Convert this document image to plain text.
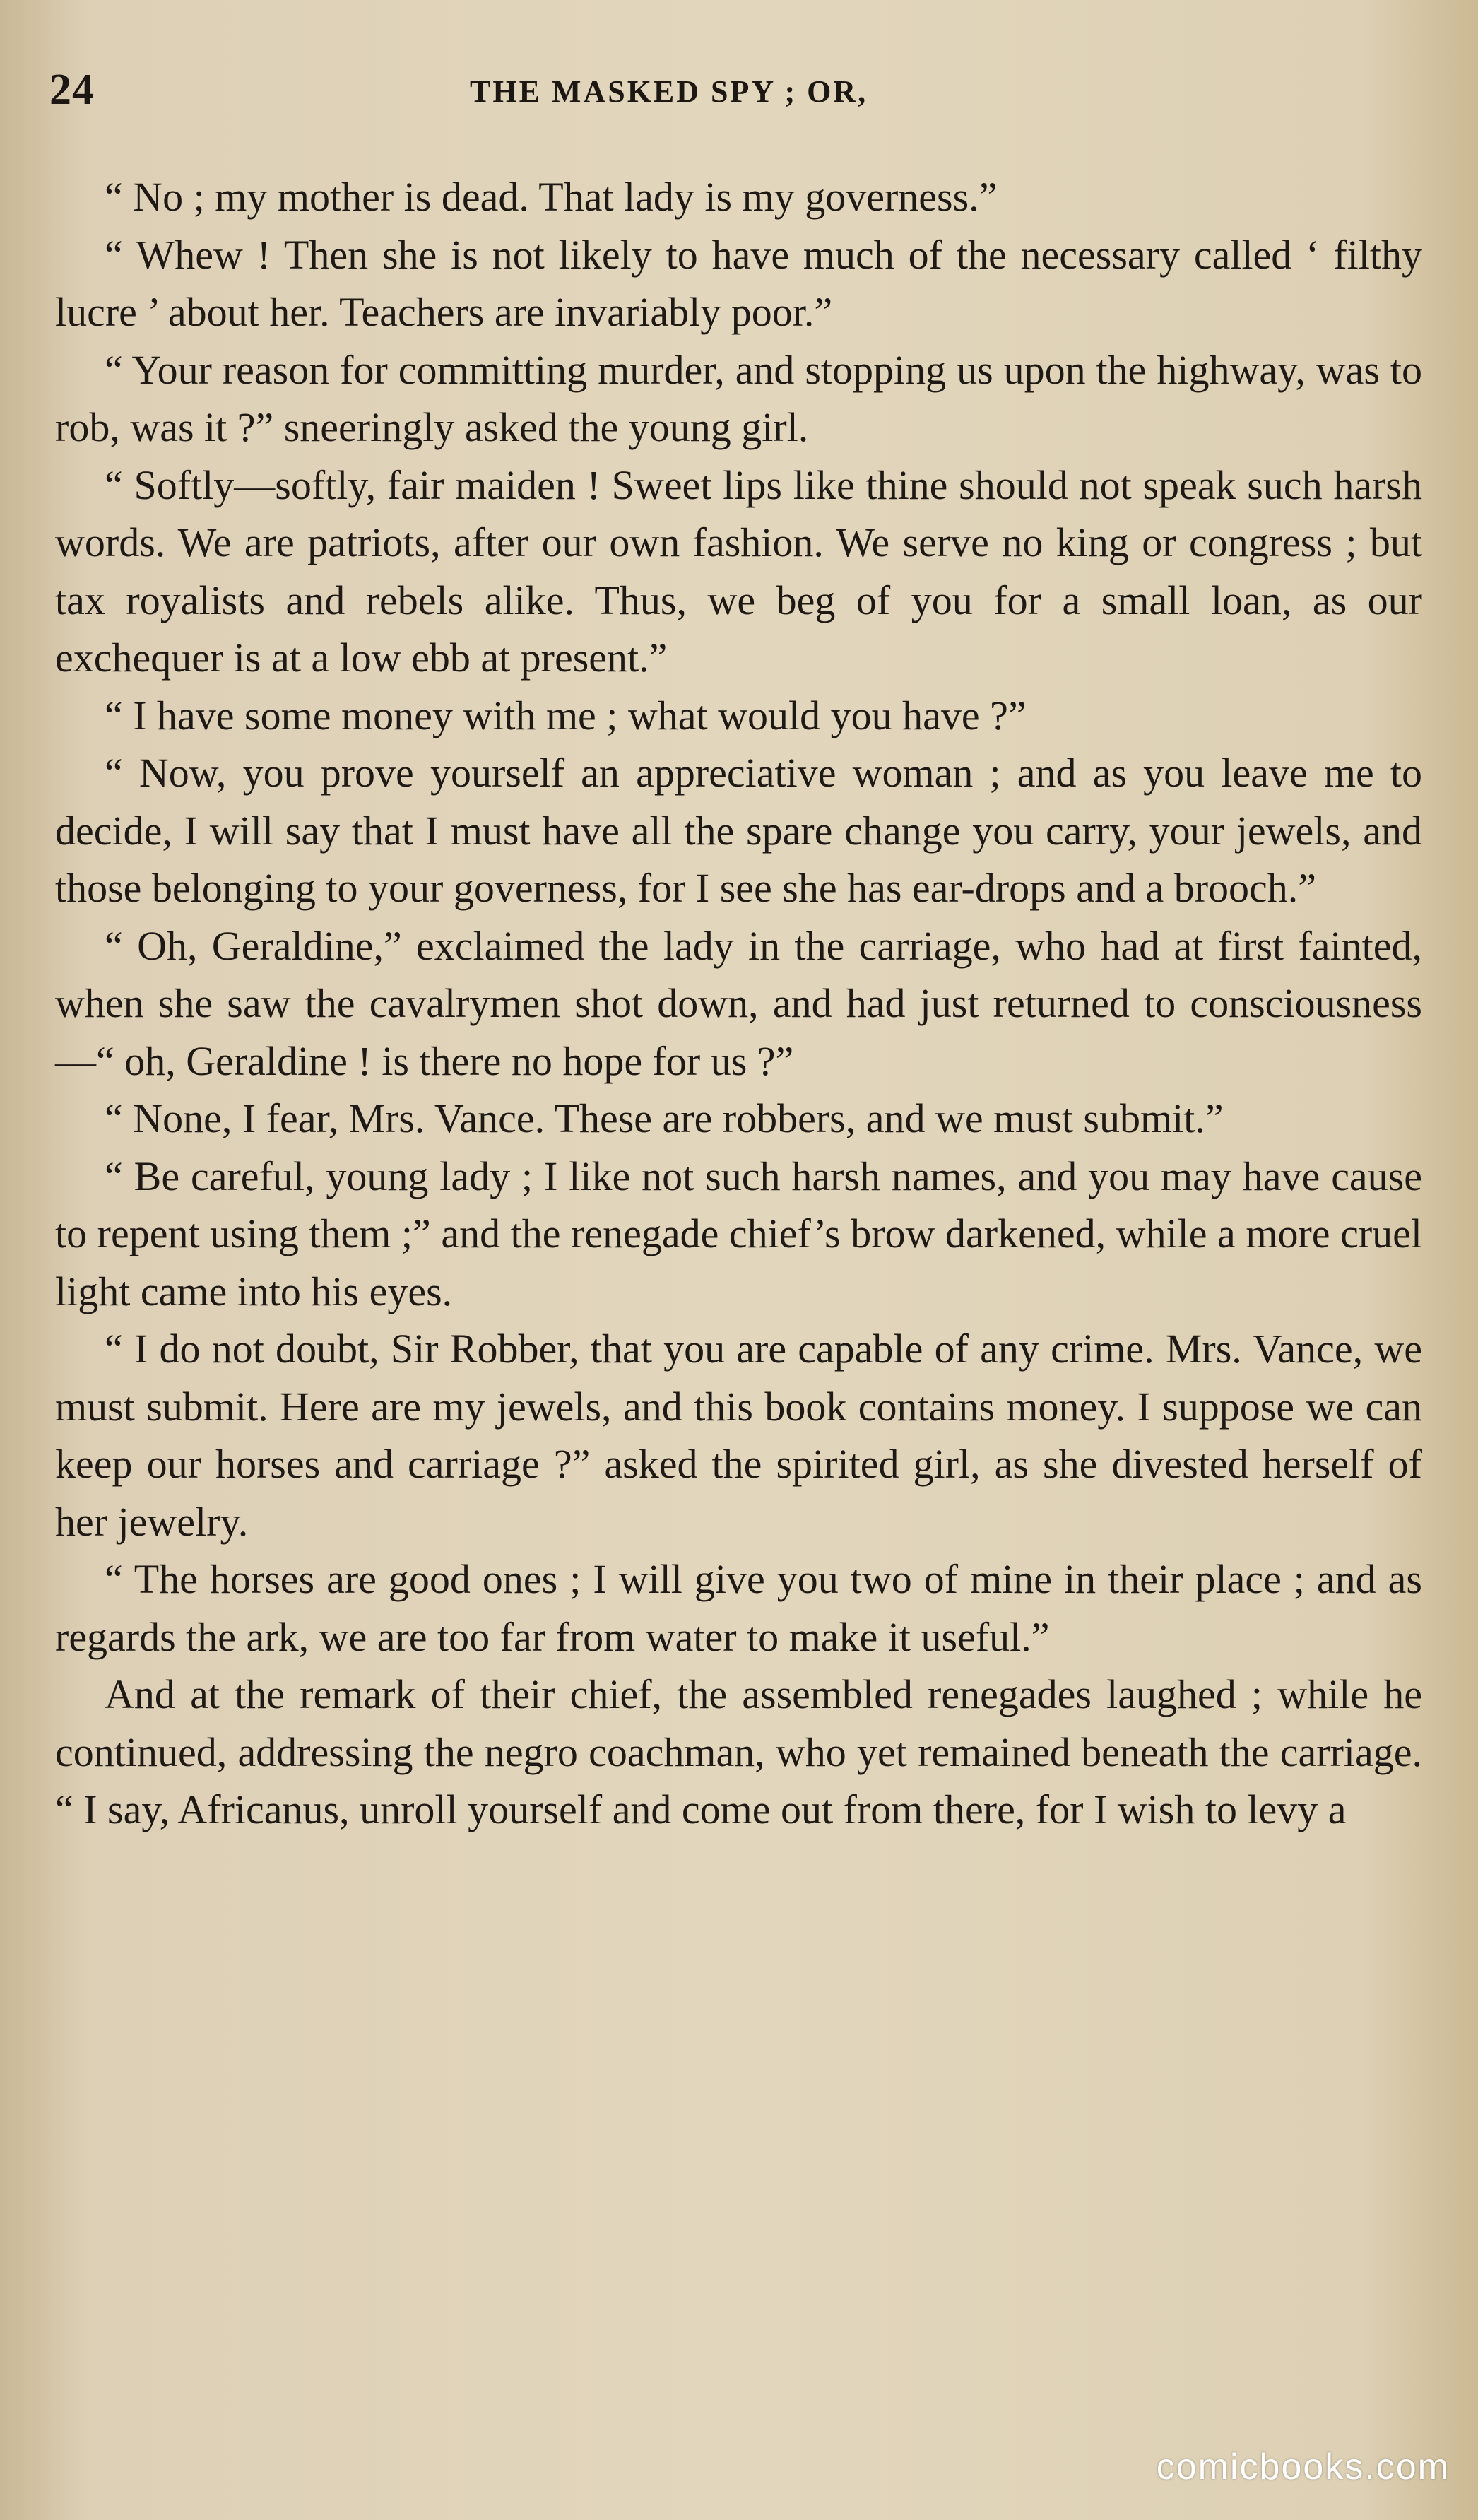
24	THE MASKED SPY ; OR,

“ No ; my mother is dead. That lady is my governess.”

“ Whew ! Then she is not likely to have much of the necessary called ‘ filthy lucre ’ about her. Teachers are invariably poor.”

“ Your reason for committing murder, and stopping us upon the highway, was to rob, was it ?” sneeringly asked the young girl.

“ Softly—softly, fair maiden ! Sweet lips like thine should not speak such harsh words. We are patriots, after our own fashion. We serve no king or congress ; but tax royalists and rebels alike. Thus, we beg of you for a small loan, as our exchequer is at a low ebb at present.”

“ I have some money with me ; what would you have ?”

“ Now, you prove yourself an appreciative woman ; and as you leave me to decide, I will say that I must have all the spare change you carry, your jewels, and those belonging to your governess, for I see she has ear-drops and a brooch.”

“ Oh, Geraldine,” exclaimed the lady in the carriage, who had at first fainted, when she saw the cavalrymen shot down, and had just returned to consciousness—“ oh, Geraldine ! is there no hope for us ?”

“ None, I fear, Mrs. Vance. These are robbers, and we must submit.”

“ Be careful, young lady ; I like not such harsh names, and you may have cause to repent using them ;” and the renegade chief’s brow darkened, while a more cruel light came into his eyes.

“ I do not doubt, Sir Robber, that you are capable of any crime. Mrs. Vance, we must submit. Here are my jewels, and this book contains money. I suppose we can keep our horses and carriage ?” asked the spirited girl, as she divested herself of her jewelry.

“ The horses are good ones ; I will give you two of mine in their place ; and as regards the ark, we are too far from water to make it useful.”

And at the remark of their chief, the assembled renegades laughed ; while he continued, addressing the negro coachman, who yet remained beneath the carriage. “ I say, Africanus, unroll yourself and come out from there, for I wish to levy a

comicbooks.com
